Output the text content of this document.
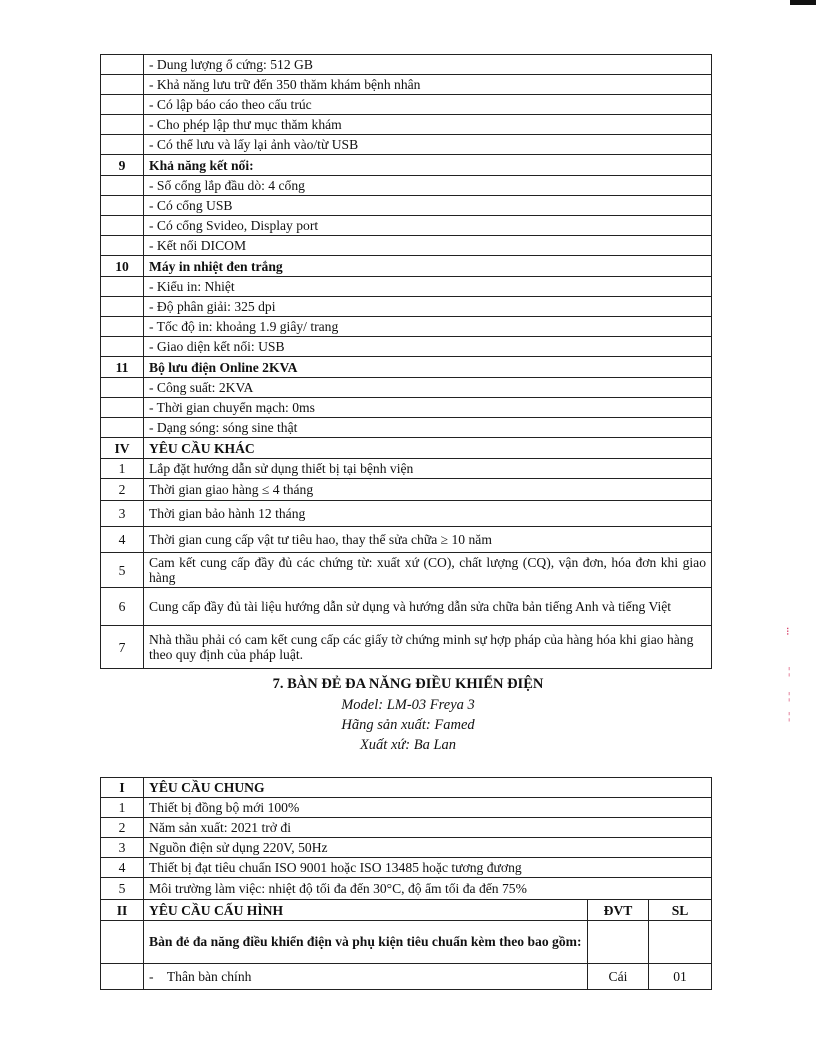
	- Dung lượng ổ cứng: 512 GB
	- Khả năng lưu trữ đến 350 thăm khám bệnh nhân
	- Có lập báo cáo theo cấu trúc
	- Cho phép lập thư mục thăm khám
	- Có thể lưu và lấy lại ảnh vào/từ USB
9	Khả năng kết nối:
	- Số cổng lắp đầu dò: 4 cổng
	- Có cổng USB
	- Có cổng Svideo, Display port
	- Kết nối DICOM
10	Máy in nhiệt đen trắng
	- Kiểu in: Nhiệt
	- Độ phân giải: 325 dpi
	- Tốc độ in: khoảng 1.9 giây/ trang
	- Giao diện kết nối: USB
11	Bộ lưu điện Online 2KVA
	- Công suất: 2KVA
	- Thời gian chuyển mạch: 0ms
	- Dạng sóng: sóng sine thật
IV	YÊU CẦU KHÁC
1	Lắp đặt hướng dẫn sử dụng thiết bị tại bệnh viện
2	Thời gian giao hàng ≤ 4 tháng
3	Thời gian bảo hành 12 tháng
4	Thời gian cung cấp vật tư tiêu hao, thay thế sửa chữa ≥ 10 năm
5	Cam kết cung cấp đầy đủ các chứng từ: xuất xứ (CO), chất lượng (CQ), vận đơn, hóa đơn khi giao hàng
6	Cung cấp đầy đủ tài liệu hướng dẫn sử dụng và hướng dẫn sửa chữa bản tiếng Anh và tiếng Việt
7	Nhà thầu phải có cam kết cung cấp các giấy tờ chứng minh sự hợp pháp của hàng hóa khi giao hàng theo quy định của pháp luật.
7. BÀN ĐẺ ĐA NĂNG ĐIỀU KHIỂN ĐIỆN
Model: LM-03 Freya 3
Hãng sản xuất: Famed
Xuất xứ: Ba Lan
I	YÊU CẦU CHUNG		
1	Thiết bị đồng bộ mới 100%		
2	Năm sản xuất: 2021 trở đi		
3	Nguồn điện sử dụng 220V, 50Hz		
4	Thiết bị đạt tiêu chuẩn ISO 9001 hoặc ISO 13485 hoặc tương đương		
5	Môi trường làm việc: nhiệt độ tối đa đến 30°C, độ ẩm tối đa đến 75%		
II	YÊU CẦU CẤU HÌNH	ĐVT	SL
	Bàn đẻ đa năng điều khiển điện và phụ kiện tiêu chuẩn kèm theo bao gồm:		
	-    Thân bàn chính	Cái	01
⁝
¦
¦
¦
